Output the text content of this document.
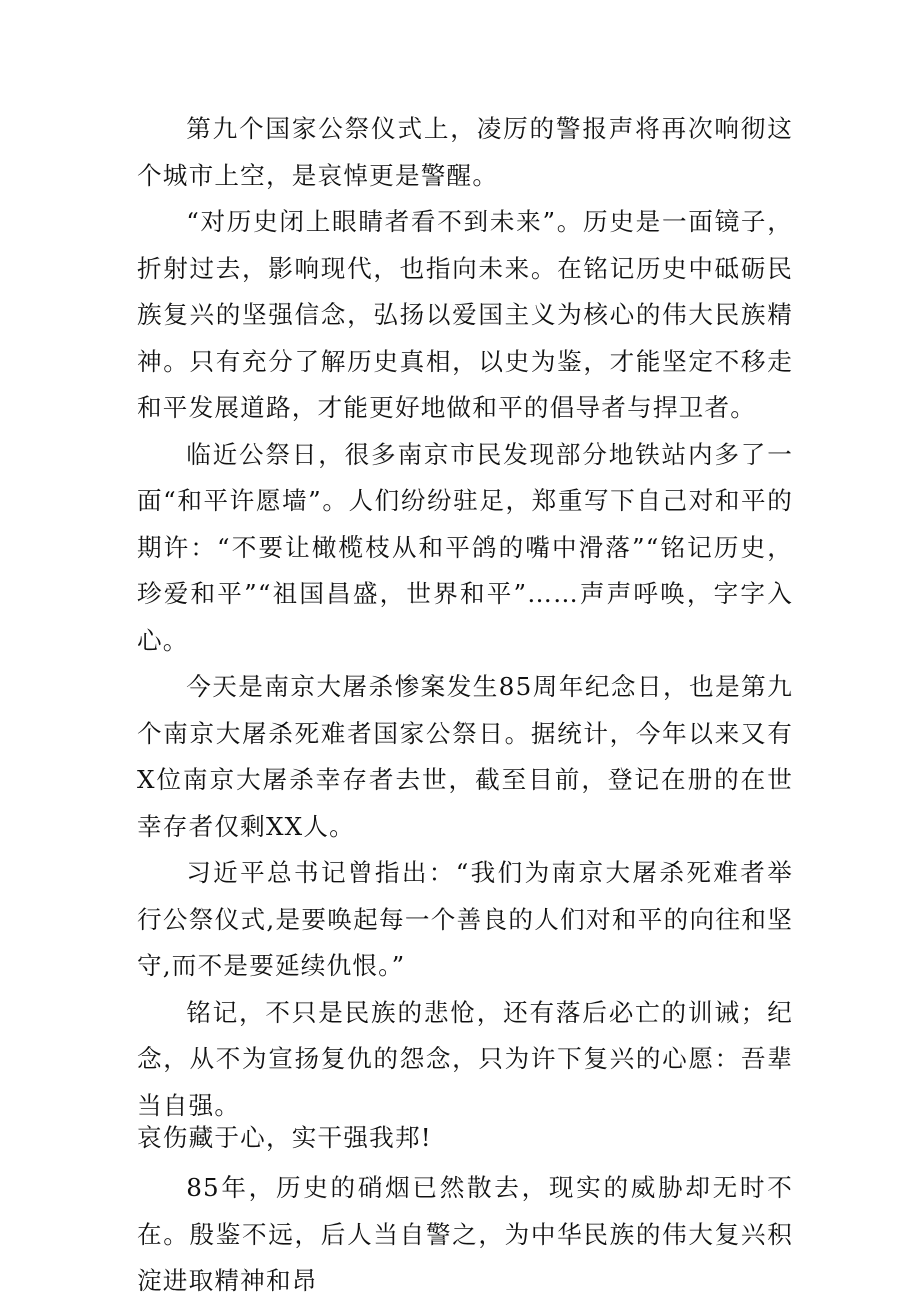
第九个国家公祭仪式上，凌厉的警报声将再次响彻这个城市上空，是哀悼更是警醒。

“对历史闭上眼睛者看不到未来”。历史是一面镜子，折射过去，影响现代，也指向未来。在铭记历史中砥砺民族复兴的坚强信念，弘扬以爱国主义为核心的伟大民族精神。只有充分了解历史真相，以史为鉴，才能坚定不移走和平发展道路，才能更好地做和平的倡导者与捍卫者。

临近公祭日，很多南京市民发现部分地铁站内多了一面“和平许愿墙”。人们纷纷驻足，郑重写下自己对和平的期许：“不要让橄榄枝从和平鸽的嘴中滑落”“铭记历史，珍爱和平”“祖国昌盛，世界和平”……声声呼唤，字字入心。

今天是南京大屠杀惨案发生85周年纪念日，也是第九个南京大屠杀死难者国家公祭日。据统计，今年以来又有X位南京大屠杀幸存者去世，截至目前，登记在册的在世幸存者仅剩XX人。

习近平总书记曾指出：“我们为南京大屠杀死难者举行公祭仪式,是要唤起每一个善良的人们对和平的向往和坚守,而不是要延续仇恨。”

铭记，不只是民族的悲怆，还有落后必亡的训诫；纪念，从不为宣扬复仇的怨念，只为许下复兴的心愿：吾辈当自强。

哀伤藏于心，实干强我邦!

85年，历史的硝烟已然散去，现实的威胁却无时不在。殷鉴不远，后人当自警之，为中华民族的伟大复兴积淀进取精神和昂
